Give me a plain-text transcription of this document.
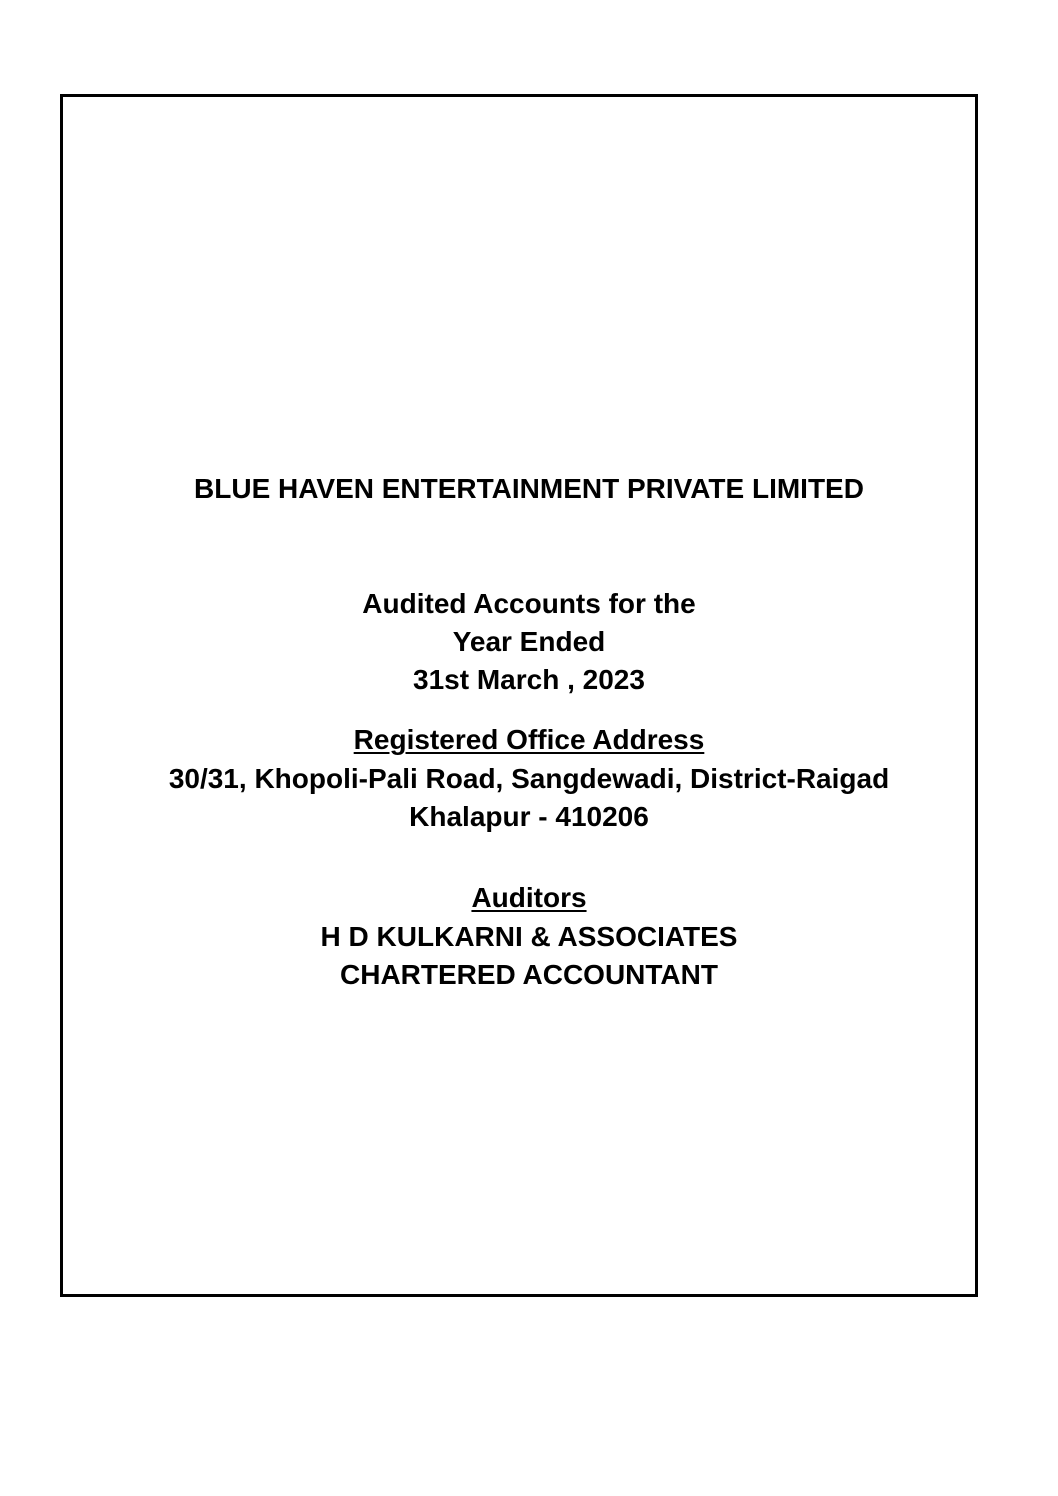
BLUE HAVEN ENTERTAINMENT PRIVATE LIMITED
Audited Accounts for the
Year Ended
31st March , 2023
Registered Office Address
30/31, Khopoli-Pali Road, Sangdewadi, District-Raigad
Khalapur - 410206
Auditors
H D KULKARNI & ASSOCIATES
CHARTERED ACCOUNTANT
